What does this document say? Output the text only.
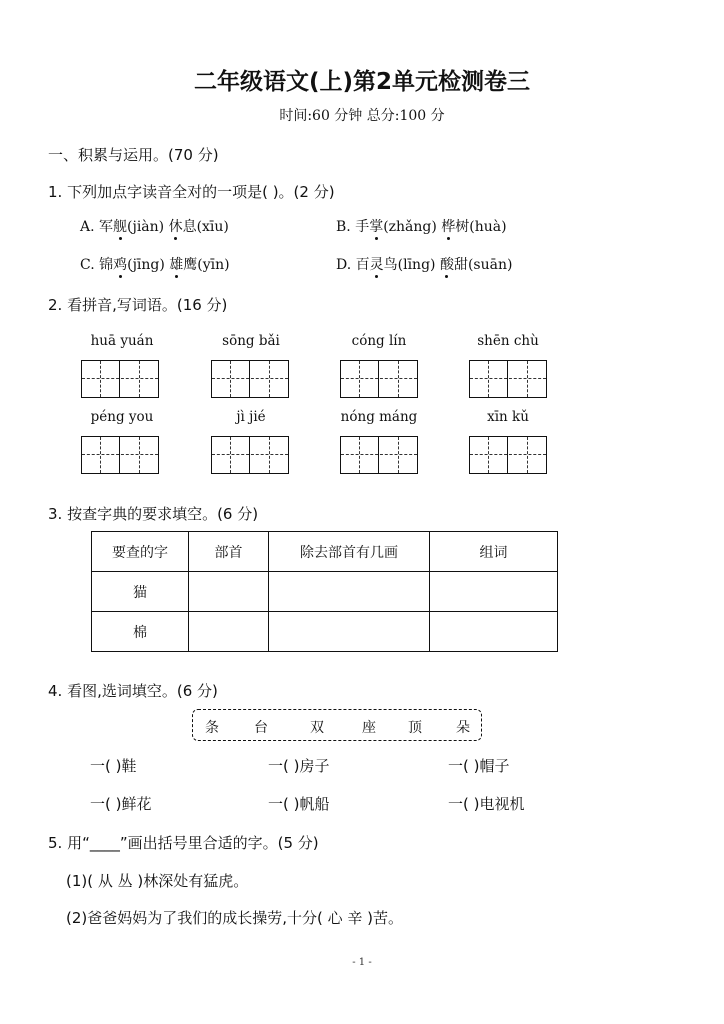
二年级语文(上)第2单元检测卷三
时间:60 分钟 总分:100 分
一、积累与运用。(70 分)
1. 下列加点字读音全对的一项是( )。(2 分)
A. 军舰(jiàn) 休息(xīu)	B. 手掌(zhǎng) 桦树(huà)
C. 锦鸡(jīng) 雄鹰(yīn)	D. 百灵鸟(līng) 酸甜(suān)
2. 看拼音,写词语。(16 分)
huā yuán	sōng bǎi	cóng lín	shēn chù
péng you	jì jié	nóng máng	xīn kǔ
3. 按查字典的要求填空。(6 分)
要查的字	部首	除去部首有几画	组词
猫			
棉			
4. 看图,选词填空。(6 分)
条	台	双	座 顶 朵
一( )鞋	一( )房子	一( )帽子
一( )鲜花	一( )帆船	一( )电视机
5. 用“____”画出括号里合适的字。(5 分)
(1)( 从 丛 )林深处有猛虎。
(2)爸爸妈妈为了我们的成长操劳,十分( 心 辛 )苦。
- 1 -
